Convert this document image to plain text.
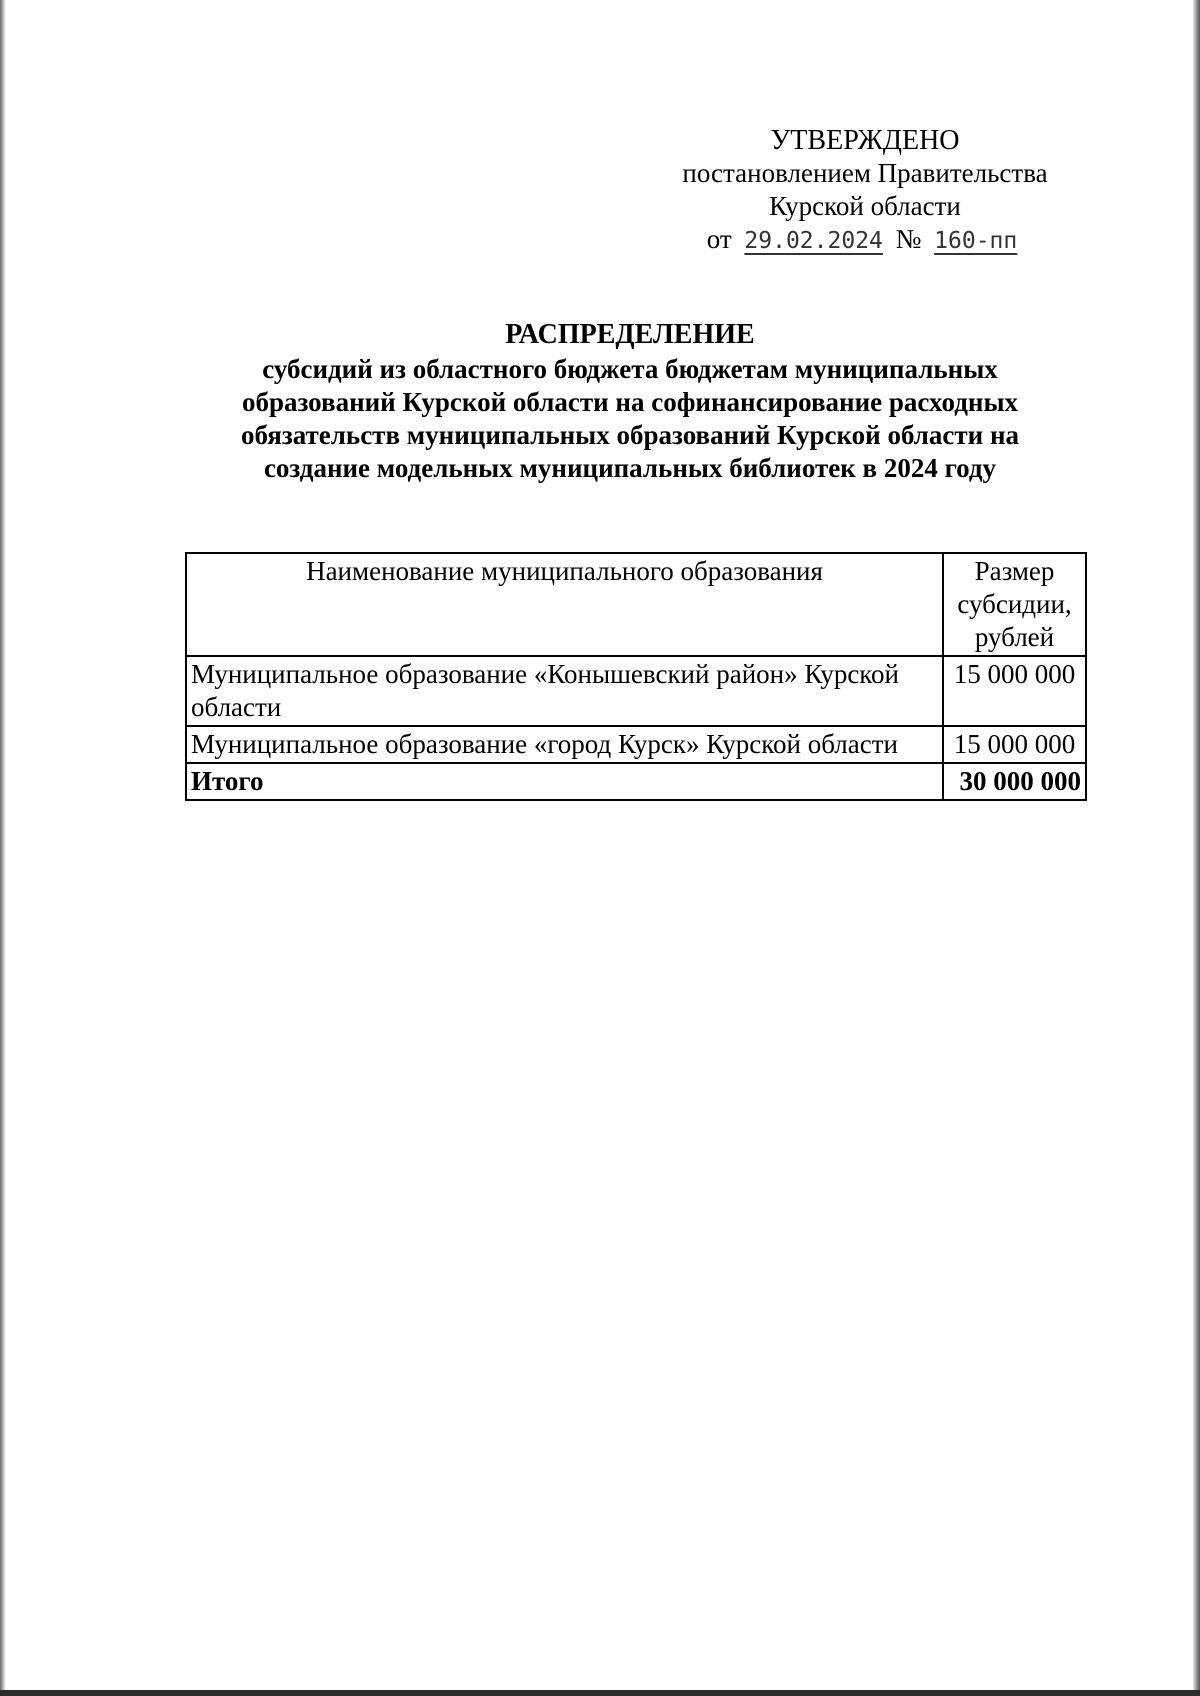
УТВЕРЖДЕНО
постановлением Правительства
Курской области
от 29.02.2024 № 160-пп
РАСПРЕДЕЛЕНИЕ
субсидий из областного бюджета бюджетам муниципальных
образований Курской области на софинансирование расходных
обязательств муниципальных образований Курской области на
создание модельных муниципальных библиотек в 2024 году
Наименование муниципального образования	Размер
субсидии,
рублей
Муниципальное образование «Конышевский район» Курской области	15 000 000
Муниципальное образование «город Курск» Курской области	15 000 000
Итого	30 000 000
